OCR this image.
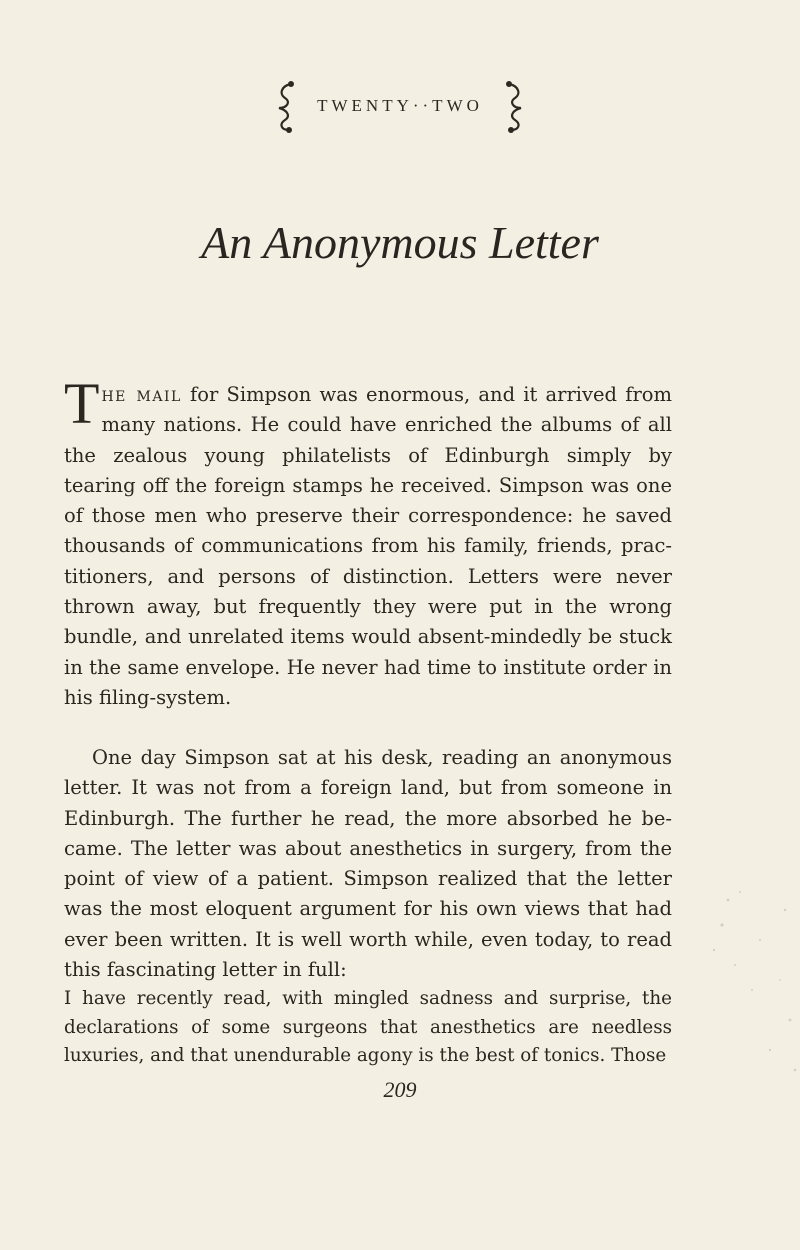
TWENTY··TWO
An Anonymous Letter

The mail for Simpson was enormous, and it arrived from many nations. He could have enriched the albums of all the zealous young philatelists of Edinburgh simply by tearing off the foreign stamps he received. Simpson was one of those men who preserve their correspondence: he saved thousands of communications from his family, friends, practitioners, and persons of distinction. Letters were never thrown away, but frequently they were put in the wrong bundle, and unrelated items would absent-mindedly be stuck in the same envelope. He never had time to institute order in his filing-system.

One day Simpson sat at his desk, reading an anonymous letter. It was not from a foreign land, but from someone in Edinburgh. The further he read, the more absorbed he became. The letter was about anesthetics in surgery, from the point of view of a patient. Simpson realized that the letter was the most eloquent argument for his own views that had ever been written. It is well worth while, even today, to read this fascinating letter in full:

I have recently read, with mingled sadness and surprise, the declarations of some surgeons that anesthetics are needless luxuries, and that unendurable agony is the best of tonics. Those

209
